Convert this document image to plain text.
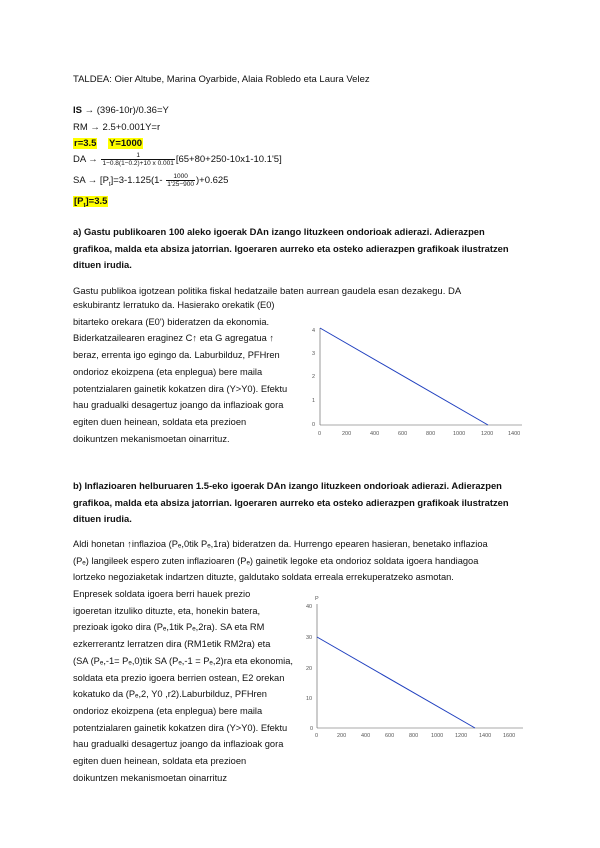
TALDEA: Oier Altube, Marina Oyarbide, Alaia Robledo eta Laura Velez
IS → (396-10r)/0.36=Y
RM → 2.5+0.001Y=r
r=3.5 Y=1000
DA → $\frac{1}{1-0.8(1-0.2)+10 x 0.001} [65+80+250-10x1-10.1'5]$
SA → $[P_t]=3-1.125(1- \frac{1000}{1'25-900} )+0.625$
$[P_t]=3.5$
a) Gastu publikoaren 100 aleko igoerak DAn izango lituzkeen ondorioak adierazi. Adierazpen
grafikoa, malda eta absiza jatorrian. Igoeraren aurreko eta osteko adierazpen grafikoak ilustratzen
dituen irudia.
Gastu publikoa igotzean politika fiskal hedatzaile baten aurrean gaudela esan dezakegu. DA
eskubirantz lerratuko da. Hasierako orekatik (E0)
bitarteko orekara (E0') bideratzen da ekonomia.
Biderkatzailearen eraginez C↑ eta G agregatua ↑
beraz, errenta igo egingo da. Laburbilduz, PFHren
ondorioz ekoizpena (eta enplegua) bere maila
potentzialaren gainetik kokatzen dira (Y>Y0). Efektu
hau gradualki desagertuz joango da inflazioak gora
egiten duen heinean, soldata eta prezioen
doikuntzen mekanismoetan oinarrituz.
4
3
2
1
0
0	200	400	600	800	1000	1200	1400
b) Inflazioaren helburuaren 1.5-eko igoerak DAn izango lituzkeen ondorioak adierazi. Adierazpen
grafikoa, malda eta absiza jatorrian. Igoeraren aurreko eta osteko adierazpen grafikoak ilustratzen
dituen irudia.
Aldi honetan ↑inflazioa (Pₑ,0tik Pₑ,1ra) bideratzen da. Hurrengo epearen hasieran, benetako inflazioa
(Pₑ) langileek espero zuten inflazioaren (Pₑ) gainetik legoke eta ondorioz soldata igoera handiagoa
lortzeko negoziaketak indartzen dituzte, galdutako soldata erreala errekuperatzeko asmotan.
Enpresek soldata igoera berri hauek prezio
igoeretan itzuliko dituzte, eta, honekin batera,
prezioak igoko dira (Pₑ,1tik Pₑ,2ra). SA eta RM
ezkerrerantz lerratzen dira (RM1etik RM2ra) eta
(SA (Pₑ,-1= Pₑ,0)tik SA (Pₑ,-1 = Pₑ,2)ra eta ekonomia,
soldata eta prezio igoera berrien ostean, E2 orekan
kokatuko da (Pₑ,2, Y0 ,r2).Laburbilduz, PFHren
ondorioz ekoizpena (eta enplegua) bere maila
potentzialaren gainetik kokatzen dira (Y>Y0). Efektu
hau gradualki desagertuz joango da inflazioak gora
egiten duen heinean, soldata eta prezioen
doikuntzen mekanismoetan oinarrituz
P
40
30
20
10
0
0	200	400	600	800 1000 1200 1400 1600
